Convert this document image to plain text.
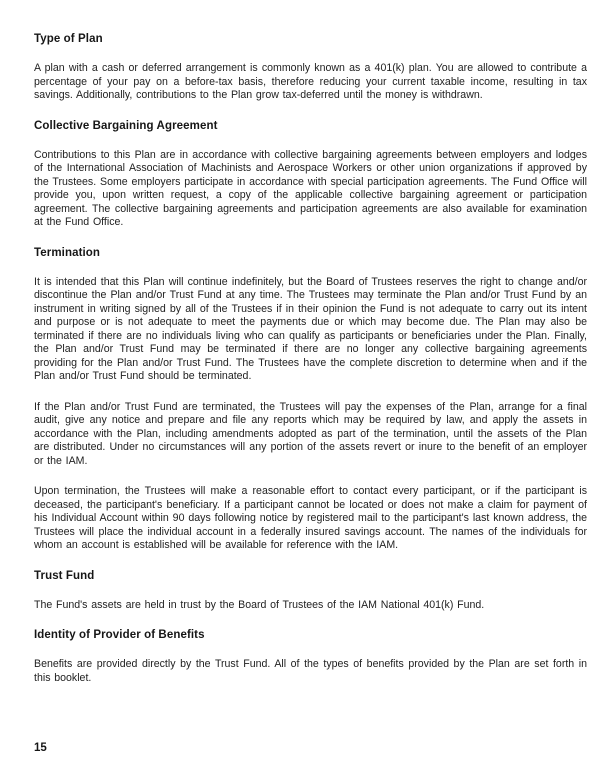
Type of Plan

A plan with a cash or deferred arrangement is commonly known as a 401(k) plan. You are allowed to contribute a percentage of your pay on a before-tax basis, therefore reducing your current taxable income, resulting in tax savings. Additionally, contributions to the Plan grow tax-deferred until the money is withdrawn.

Collective Bargaining Agreement

Contributions to this Plan are in accordance with collective bargaining agreements between employers and lodges of the International Association of Machinists and Aerospace Workers or other union organizations if approved by the Trustees. Some employers participate in accordance with special participation agreements. The Fund Office will provide you, upon written request, a copy of the applicable collective bargaining agreement or participation agreement. The collective bargaining agreements and participation agreements are also available for examination at the Fund Office.

Termination

It is intended that this Plan will continue indefinitely, but the Board of Trustees reserves the right to change and/or discontinue the Plan and/or Trust Fund at any time. The Trustees may terminate the Plan and/or Trust Fund by an instrument in writing signed by all of the Trustees if in their opinion the Fund is not adequate to carry out its intent and purpose or is not adequate to meet the payments due or which may become due. The Plan may also be terminated if there are no individuals living who can qualify as participants or beneficiaries under the Plan. Finally, the Plan and/or Trust Fund may be terminated if there are no longer any collective bargaining agreements providing for the Plan and/or Trust Fund. The Trustees have the complete discretion to determine when and if the Plan and/or Trust Fund should be terminated.

If the Plan and/or Trust Fund are terminated, the Trustees will pay the expenses of the Plan, arrange for a final audit, give any notice and prepare and file any reports which may be required by law, and apply the assets in accordance with the Plan, including amendments adopted as part of the termination, until the assets of the Plan are distributed. Under no circumstances will any portion of the assets revert or inure to the benefit of an employer or the IAM.

Upon termination, the Trustees will make a reasonable effort to contact every participant, or if the participant is deceased, the participant's beneficiary. If a participant cannot be located or does not make a claim for payment of his Individual Account within 90 days following notice by registered mail to the participant's last known address, the Trustees will place the individual account in a federally insured savings account. The names of the individuals for whom an account is established will be available for reference with the IAM.

Trust Fund

The Fund's assets are held in trust by the Board of Trustees of the IAM National 401(k) Fund.

Identity of Provider of Benefits

Benefits are provided directly by the Trust Fund. All of the types of benefits provided by the Plan are set forth in this booklet.

15
